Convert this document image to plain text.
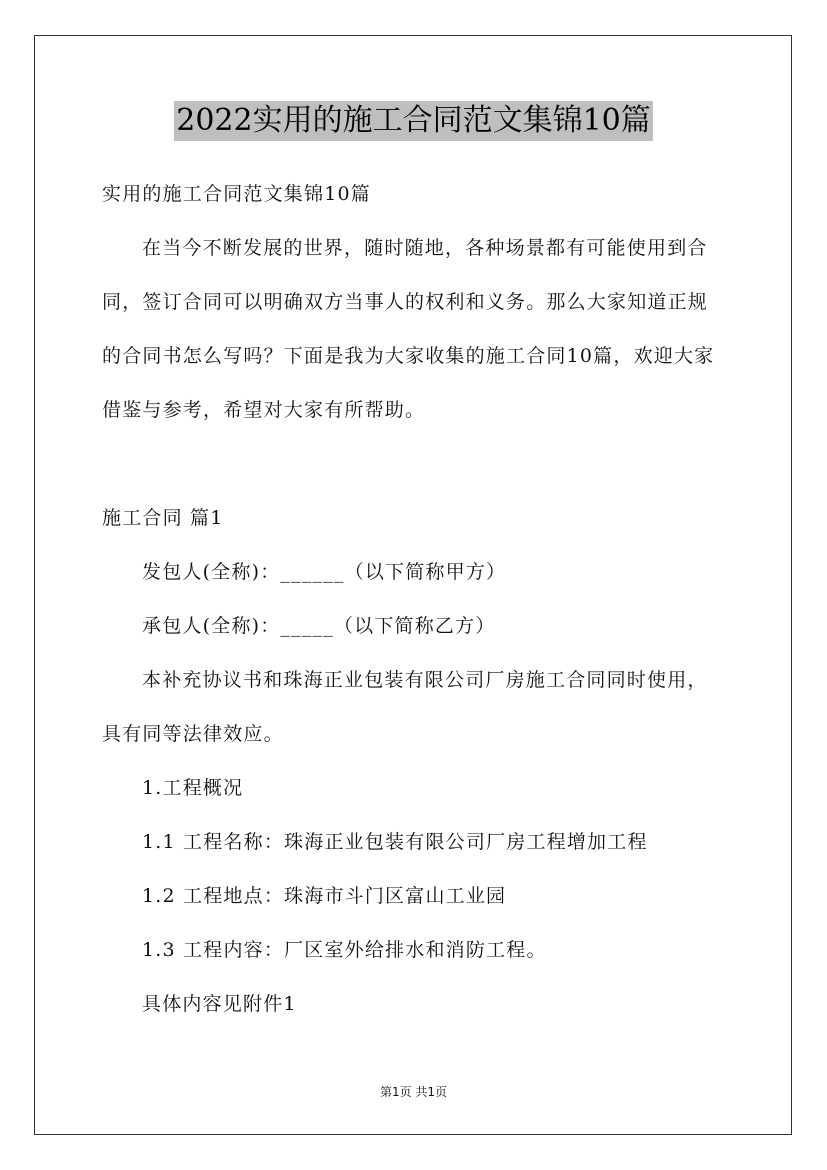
2022实用的施工合同范文集锦10篇
实用的施工合同范文集锦10篇
在当今不断发展的世界，随时随地，各种场景都有可能使用到合
同，签订合同可以明确双方当事人的权利和义务。那么大家知道正规
的合同书怎么写吗？下面是我为大家收集的施工合同10篇，欢迎大家
借鉴与参考，希望对大家有所帮助。
施工合同 篇1
发包人(全称)：______（以下简称甲方）
承包人(全称)：_____（以下简称乙方）
本补充协议书和珠海正业包装有限公司厂房施工合同同时使用，
具有同等法律效应。
1.工程概况
1.1 工程名称：珠海正业包装有限公司厂房工程增加工程
1.2 工程地点：珠海市斗门区富山工业园
1.3 工程内容：厂区室外给排水和消防工程。
具体内容见附件1
第1页 共1页
